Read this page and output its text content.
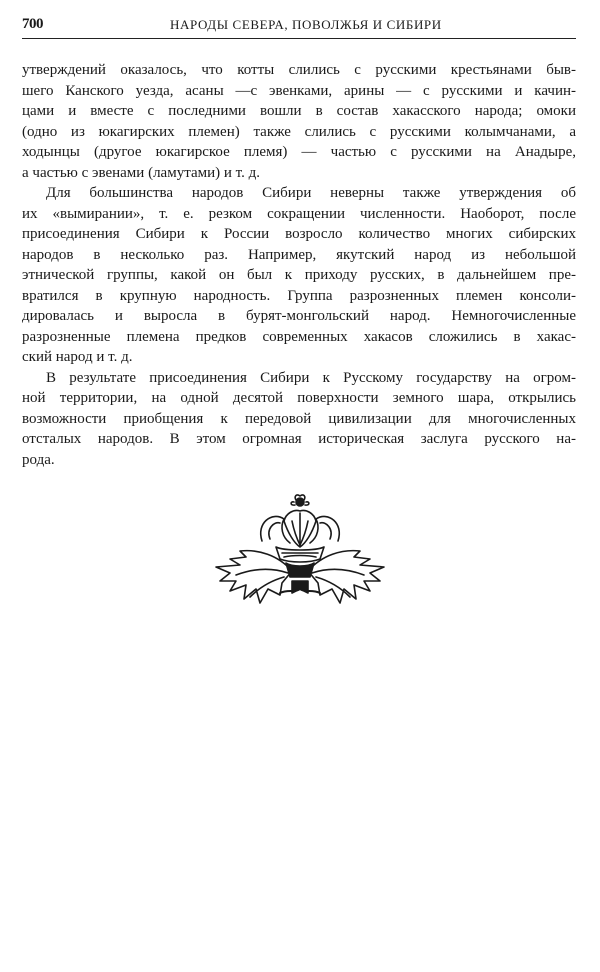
700	НАРОДЫ СЕВЕРА, ПОВОЛЖЬЯ И СИБИРИ
утверждений оказалось, что котты слились с русскими крестьянами быв-
шего Канского уезда, асаны —с эвенками, арины — с русскими и качин-
цами и вместе с последними вошли в состав хакасского народа; омоки
(одно из юкагирских племен) также слились с русскими колымчанами, а
ходынцы (другое юкагирское племя) — частью с русскими на Анадыре,
а частью с эвенами (ламутами) и т. д.
Для большинства народов Сибири неверны также утверждения об
их «вымирании», т. е. резком сокращении численности. Наоборот, после
присоединения Сибири к России возросло количество многих сибирских
народов в несколько раз. Например, якутский народ из небольшой
этнической группы, какой он был к приходу русских, в дальнейшем пре-
вратился в крупную народность. Группа разрозненных племен консоли-
дировалась и выросла в бурят-монгольский народ. Немногочисленные
разрозненные племена предков современных хакасов сложились в хакас-
ский народ и т. д.
В результате присоединения Сибири к Русскому государству на огром-
ной территории, на одной десятой поверхности земного шара, открылись
возможности приобщения к передовой цивилизации для многочисленных
отсталых народов. В этом огромная историческая заслуга русского на-
рода.
